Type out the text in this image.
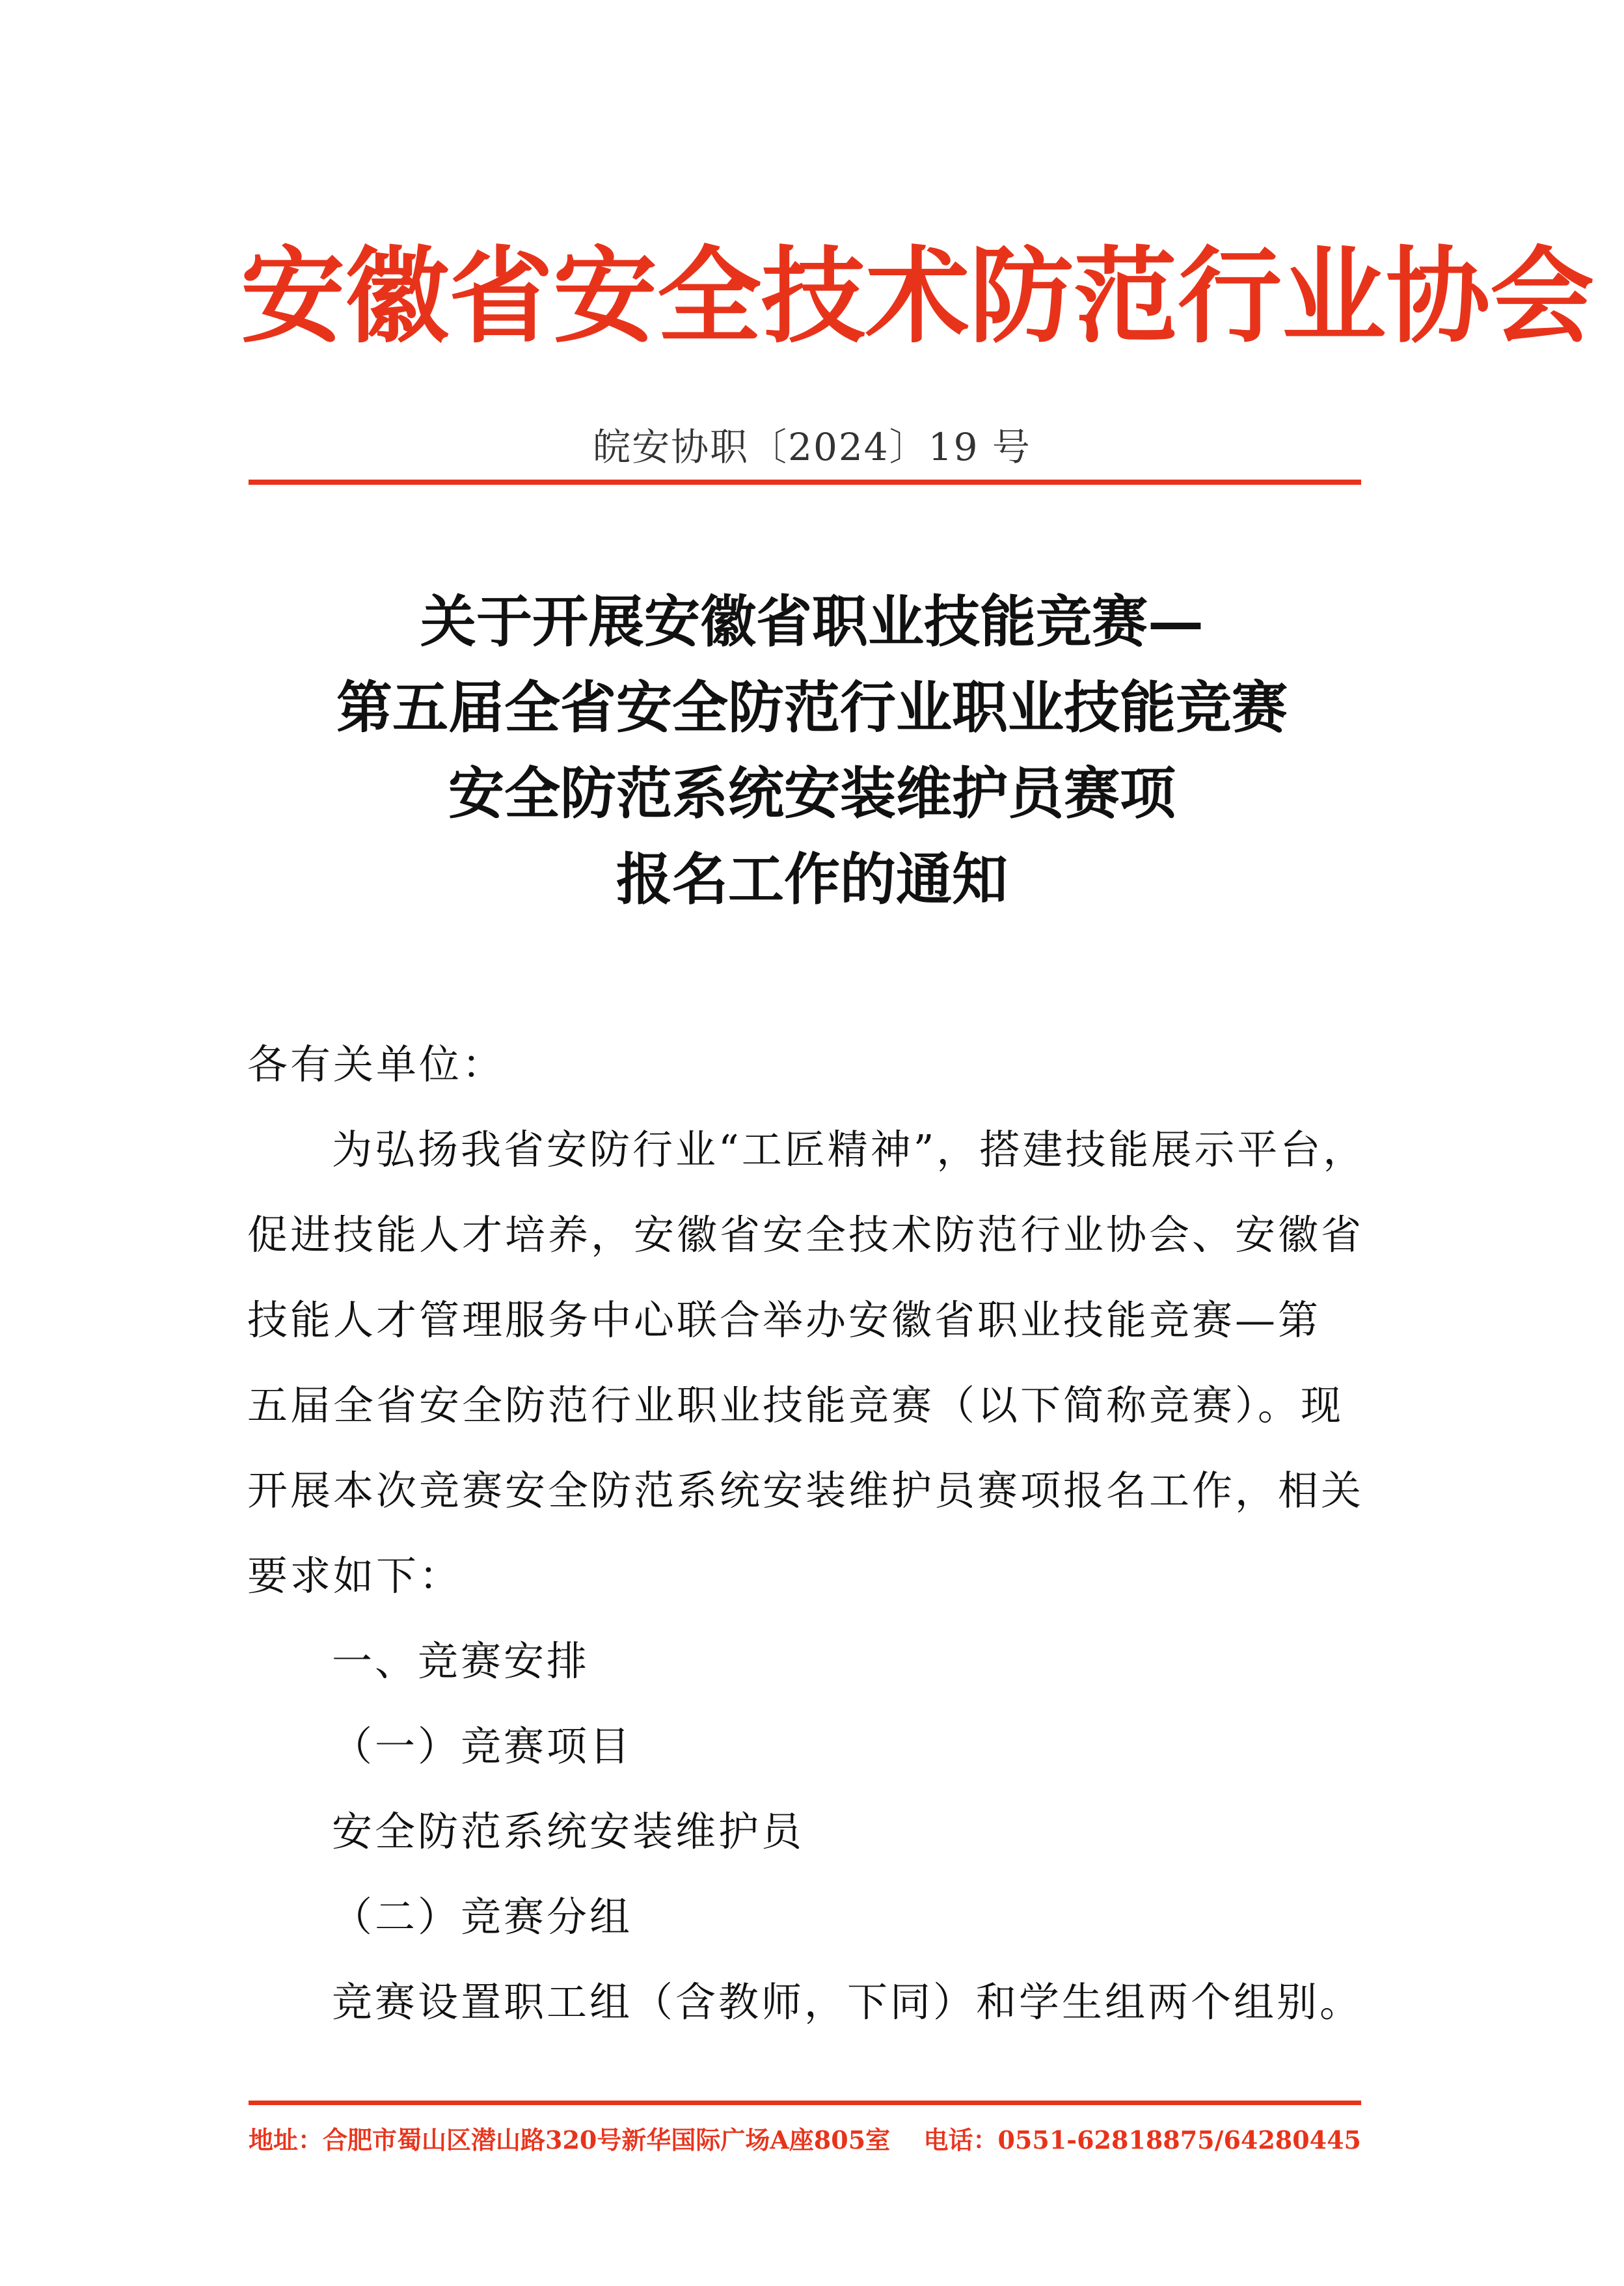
安徽省安全技术防范行业协会
皖安协职〔2024〕19 号
关于开展安徽省职业技能竞赛—
第五届全省安全防范行业职业技能竞赛
安全防范系统安装维护员赛项
报名工作的通知
各有关单位：
为弘扬我省安防行业“工匠精神”，搭建技能展示平台，
促进技能人才培养，安徽省安全技术防范行业协会、安徽省
技能人才管理服务中心联合举办安徽省职业技能竞赛—第
五届全省安全防范行业职业技能竞赛（以下简称竞赛）。现
开展本次竞赛安全防范系统安装维护员赛项报名工作，相关
要求如下：
一、竞赛安排
（一）竞赛项目
安全防范系统安装维护员
（二）竞赛分组
竞赛设置职工组（含教师，下同）和学生组两个组别。
地址：合肥市蜀山区潜山路320号新华国际广场A座805室 电话：0551-62818875/64280445
